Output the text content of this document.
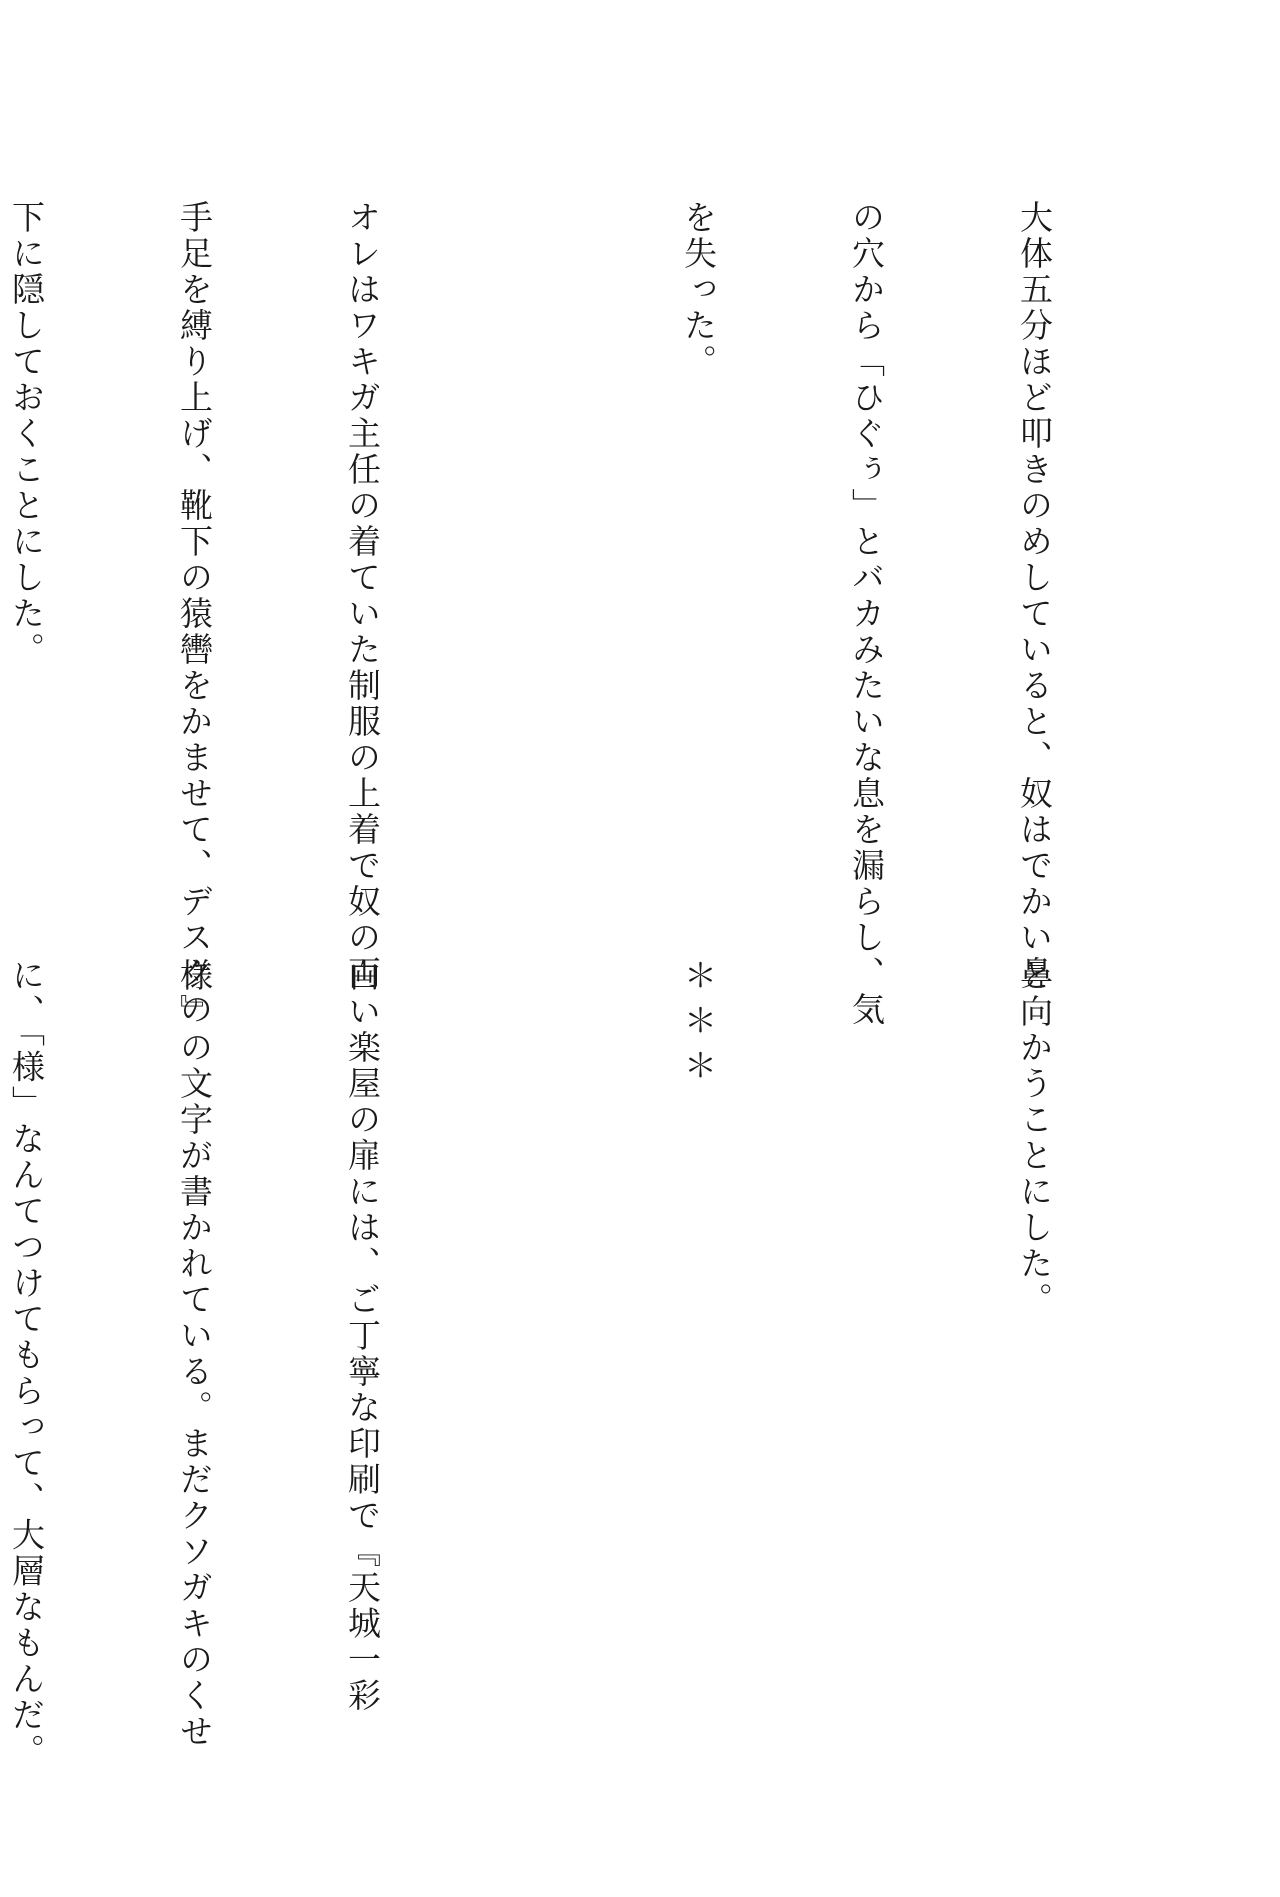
大体五分ほど叩きのめしていると、奴はでかい鼻

の穴から「ひぐぅ」とバカみたいな息を漏らし、気

を失った。

オレはワキガ主任の着ていた制服の上着で奴の両

手足を縛り上げ、靴下の猿轡をかませて、デスクの

下に隠しておくことにした。

と向かうことにした。

＊＊＊

白い楽屋の扉には、ご丁寧な印刷で『天城一彩

様』の文字が書かれている。まだクソガキのくせ

に、「様」なんてつけてもらって、大層なもんだ。
